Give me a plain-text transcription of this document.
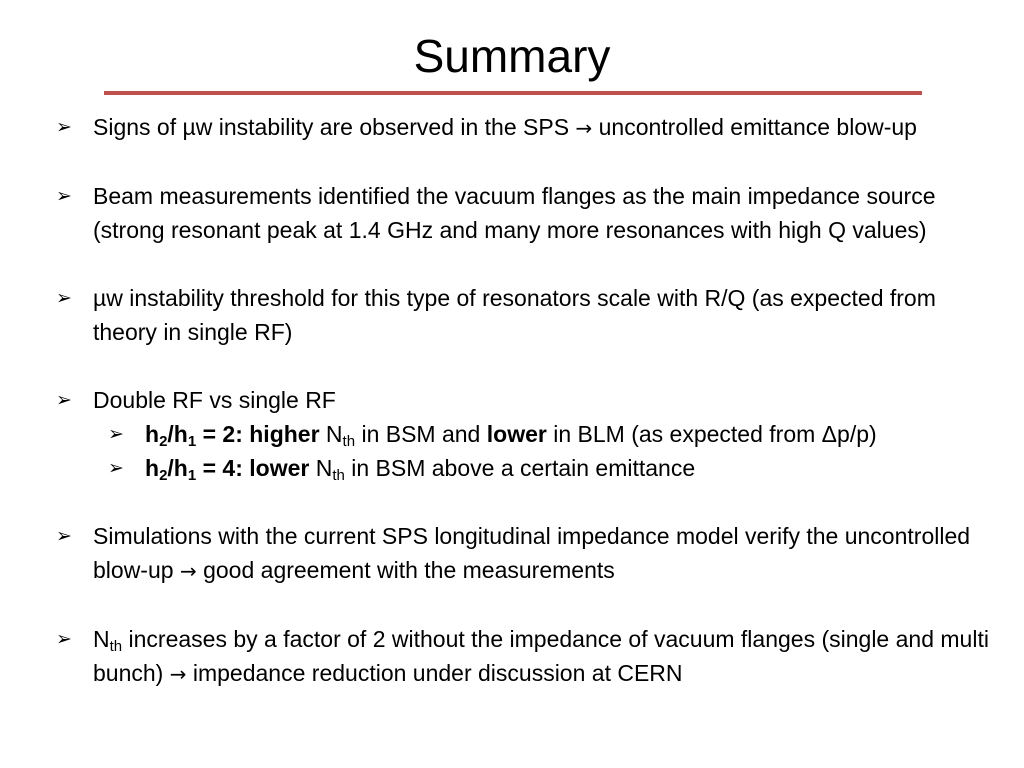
Summary
➢ Signs of µw instability are observed in the SPS → uncontrolled emittance blow-up
➢ Beam measurements identified the vacuum flanges as the main impedance source (strong resonant peak at 1.4 GHz and many more resonances with high Q values)
➢ µw instability threshold for this type of resonators scale with R/Q (as expected from theory in single RF)
➢ Double RF vs single RF
➢ $h_2/h_1 = 2$: higher $N_{th}$ in BSM and lower in BLM (as expected from Δp/p)
➢ $h_2/h_1 = 4$: lower $N_{th}$ in BSM above a certain emittance
➢ Simulations with the current SPS longitudinal impedance model verify the uncontrolled blow-up → good agreement with the measurements
➢ $N_{th}$ increases by a factor of 2 without the impedance of vacuum flanges (single and multi bunch) → impedance reduction under discussion at CERN
